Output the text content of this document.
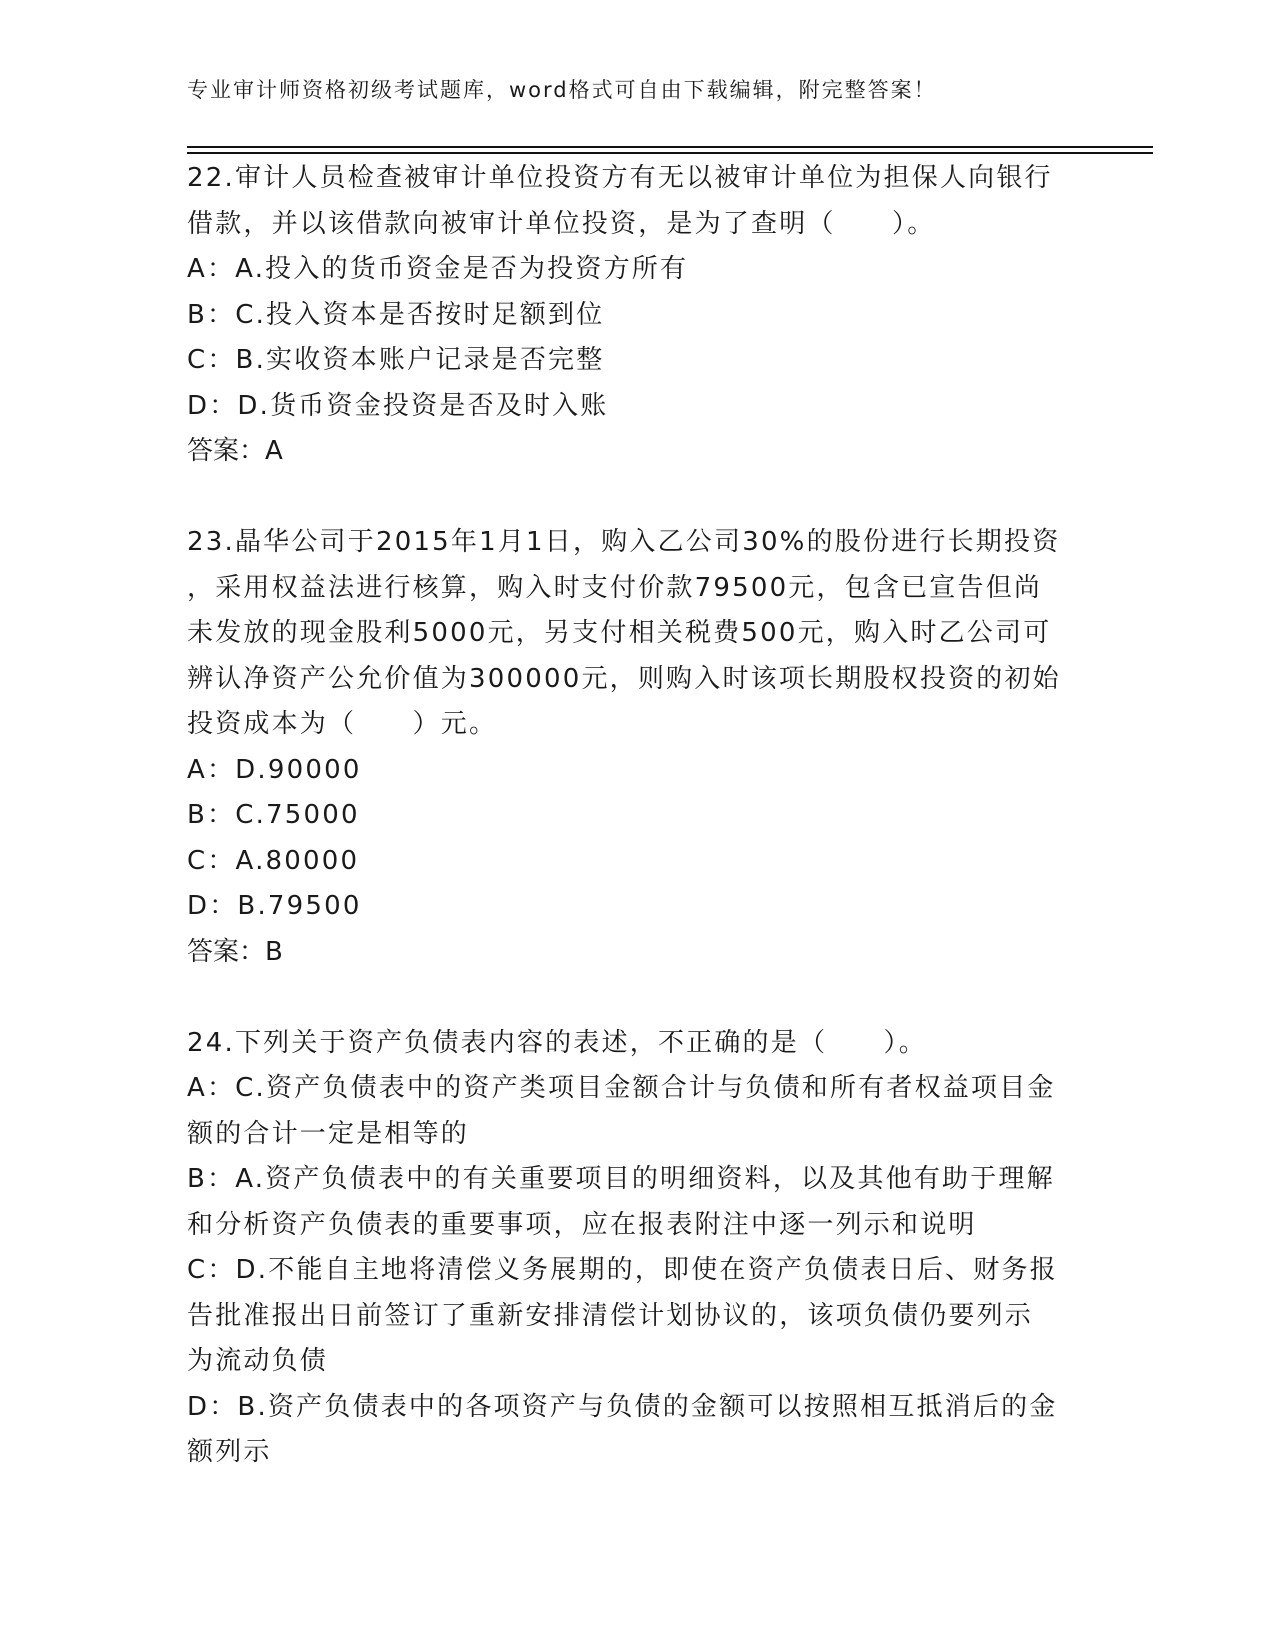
专业审计师资格初级考试题库，word格式可自由下载编辑，附完整答案！
22.审计人员检查被审计单位投资方有无以被审计单位为担保人向银行
借款，并以该借款向被审计单位投资，是为了查明（　　）。
A：A.投入的货币资金是否为投资方所有
B：C.投入资本是否按时足额到位
C：B.实收资本账户记录是否完整
D：D.货币资金投资是否及时入账
答案：A
23.晶华公司于2015年1月1日，购入乙公司30%的股份进行长期投资
，采用权益法进行核算，购入时支付价款79500元，包含已宣告但尚
未发放的现金股利5000元，另支付相关税费500元，购入时乙公司可
辨认净资产公允价值为300000元，则购入时该项长期股权投资的初始
投资成本为（　　）元。
A：D.90000
B：C.75000
C：A.80000
D：B.79500
答案：B
24.下列关于资产负债表内容的表述，不正确的是（　　）。
A：C.资产负债表中的资产类项目金额合计与负债和所有者权益项目金
额的合计一定是相等的
B：A.资产负债表中的有关重要项目的明细资料，以及其他有助于理解
和分析资产负债表的重要事项，应在报表附注中逐一列示和说明
C：D.不能自主地将清偿义务展期的，即使在资产负债表日后、财务报
告批准报出日前签订了重新安排清偿计划协议的，该项负债仍要列示
为流动负债
D：B.资产负债表中的各项资产与负债的金额可以按照相互抵消后的金
额列示
